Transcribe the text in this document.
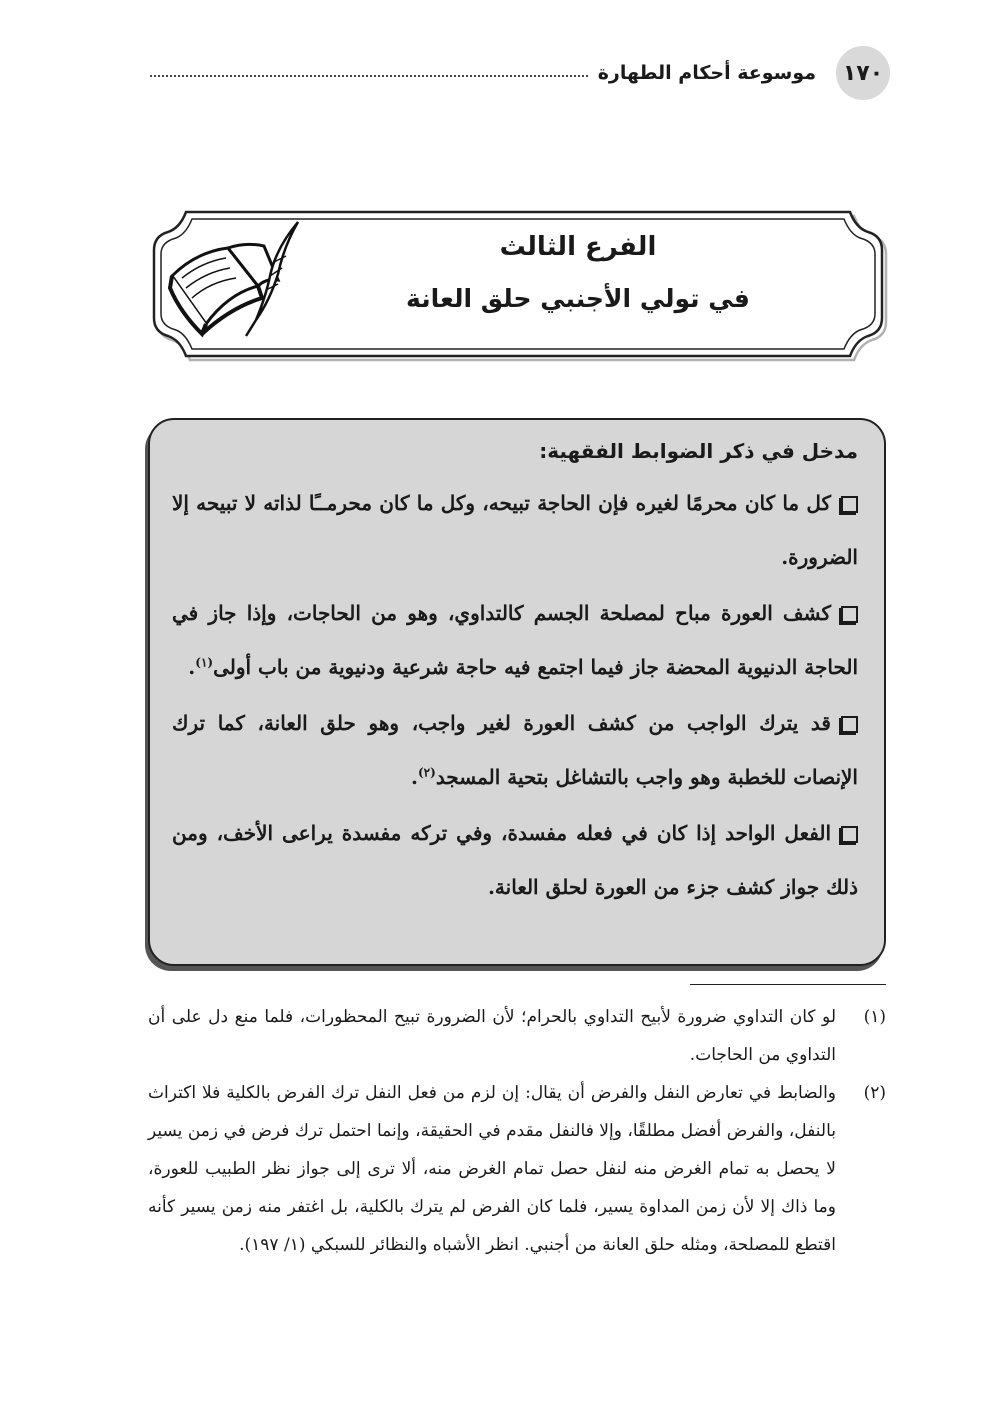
١٧٠
موسوعة أحكام الطهارة
الفرع الثالث
في تولي الأجنبي حلق العانة
مدخل في ذكر الضوابط الفقهية:

كل ما كان محرمًا لغيره فإن الحاجة تبيحه، وكل ما كان محرمــًا لذاته لا تبيحه إلا الضرورة.

كشف العورة مباح لمصلحة الجسم كالتداوي، وهو من الحاجات، وإذا جاز في الحاجة الدنيوية المحضة جاز فيما اجتمع فيه حاجة شرعية ودنيوية من باب أولى$^{(١)}$.

قد يترك الواجب من كشف العورة لغير واجب، وهو حلق العانة، كما ترك الإنصات للخطبة وهو واجب بالتشاغل بتحية المسجد$^{(٢)}$.

الفعل الواحد إذا كان في فعله مفسدة، وفي تركه مفسدة يراعى الأخف، ومن ذلك جواز كشف جزء من العورة لحلق العانة.

(١)
لو كان التداوي ضرورة لأبيح التداوي بالحرام؛ لأن الضرورة تبيح المحظورات، فلما منع دل على أن التداوي من الحاجات.
(٢)
والضابط في تعارض النفل والفرض أن يقال: إن لزم من فعل النفل ترك الفرض بالكلية فلا اكتراث بالنفل، والفرض أفضل مطلقًا، وإلا فالنفل مقدم في الحقيقة، وإنما احتمل ترك فرض في زمن يسير لا يحصل به تمام الغرض منه لنفل حصل تمام الغرض منه، ألا ترى إلى جواز نظر الطبيب للعورة، وما ذاك إلا لأن زمن المداوة يسير، فلما كان الفرض لم يترك بالكلية، بل اغتفر منه زمن يسير كأنه اقتطع للمصلحة، ومثله حلق العانة من أجنبي. انظر الأشباه والنظائر للسبكي (١/ ١٩٧).
